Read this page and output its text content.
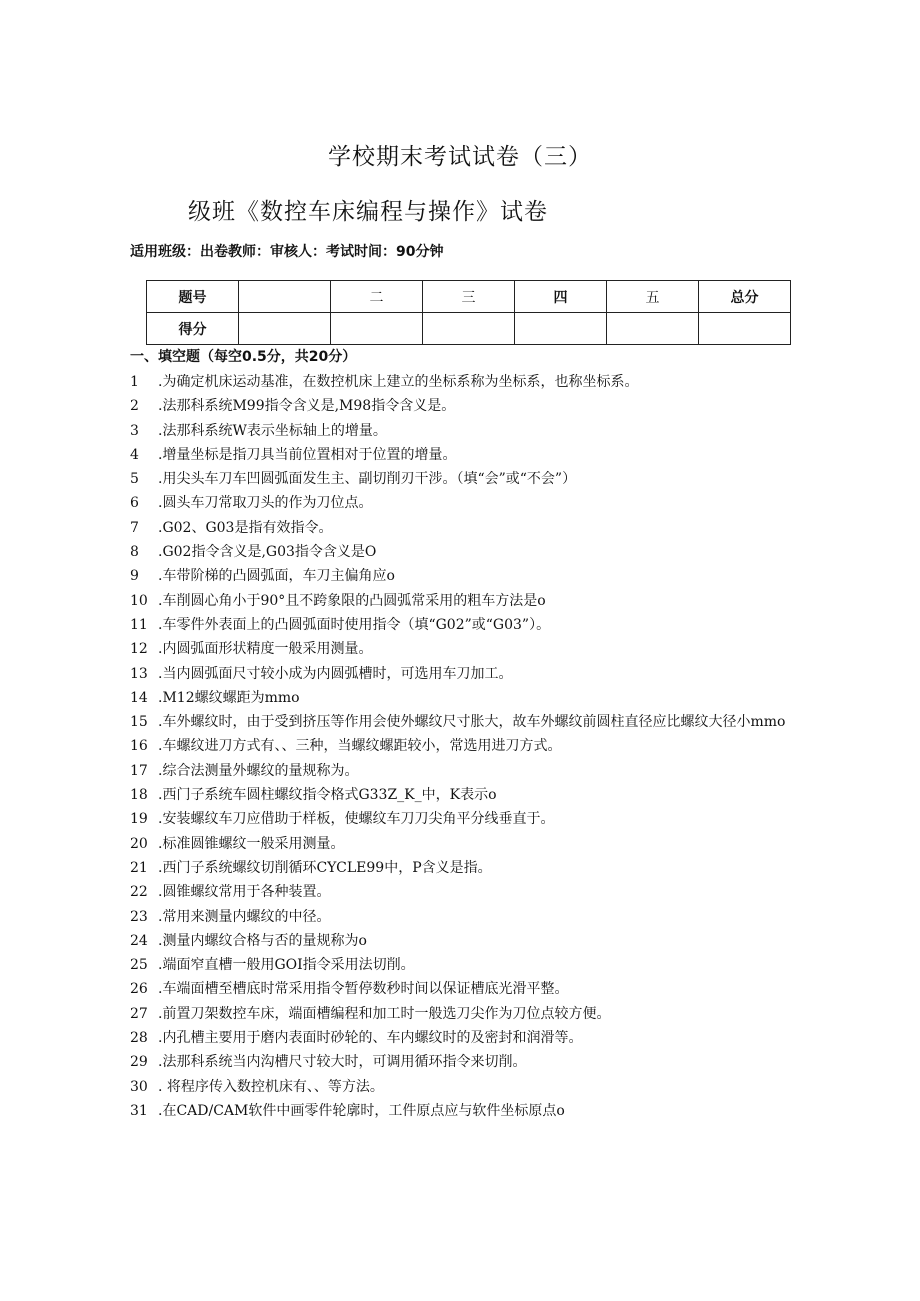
学校期末考试试卷（三）
级班《数控车床编程与操作》试卷
适用班级：出卷教师：审核人：考试时间：90分钟
题号		二	三	四	五	总分
得分						
一、填空题（每空0.5分，共20分）
1	.为确定机床运动基准，在数控机床上建立的坐标系称为坐标系，也称坐标系。
2	.法那科系统M99指令含义是,M98指令含义是。
3	.法那科系统W表示坐标轴上的增量。
4	.增量坐标是指刀具当前位置相对于位置的增量。
5	.用尖头车刀车凹圆弧面发生主、副切削刃干涉。（填“会”或“不会”）
6	.圆头车刀常取刀头的作为刀位点。
7	.G02、G03是指有效指令。
8	.G02指令含义是,G03指令含义是O
9	.车带阶梯的凸圆弧面，车刀主偏角应o
10 .车削圆心角小于90°且不跨象限的凸圆弧常采用的粗车方法是o
11 .车零件外表面上的凸圆弧面时使用指令（填“G02”或“G03”）。
12 .内圆弧面形状精度一般采用测量。
13 .当内圆弧面尺寸较小成为内圆弧槽时，可选用车刀加工。
14 .M12螺纹螺距为mmo
15 .车外螺纹时，由于受到挤压等作用会使外螺纹尺寸胀大，故车外螺纹前圆柱直径应比螺纹大径小mmo
16 .车螺纹进刀方式有、、三种，当螺纹螺距较小，常选用进刀方式。
17 .综合法测量外螺纹的量规称为。
18 .西门子系统车圆柱螺纹指令格式G33Z_K_中，K表示o
19 .安装螺纹车刀应借助于样板，使螺纹车刀刀尖角平分线垂直于。
20 .标准圆锥螺纹一般采用测量。
21 .西门子系统螺纹切削循环CYCLE99中，P含义是指。
22 .圆锥螺纹常用于各种装置。
23 .常用来测量内螺纹的中径。
24 .测量内螺纹合格与否的量规称为o
25 .端面窄直槽一般用GOI指令采用法切削。
26 .车端面槽至槽底时常采用指令暂停数秒时间以保证槽底光滑平整。
27 .前置刀架数控车床，端面槽编程和加工时一般选刀尖作为刀位点较方便。
28 .内孔槽主要用于磨内表面时砂轮的、车内螺纹时的及密封和润滑等。
29 .法那科系统当内沟槽尺寸较大时，可调用循环指令来切削。
30 . 将程序传入数控机床有、、等方法。
31 .在CAD/CAM软件中画零件轮廓时，工件原点应与软件坐标原点o
